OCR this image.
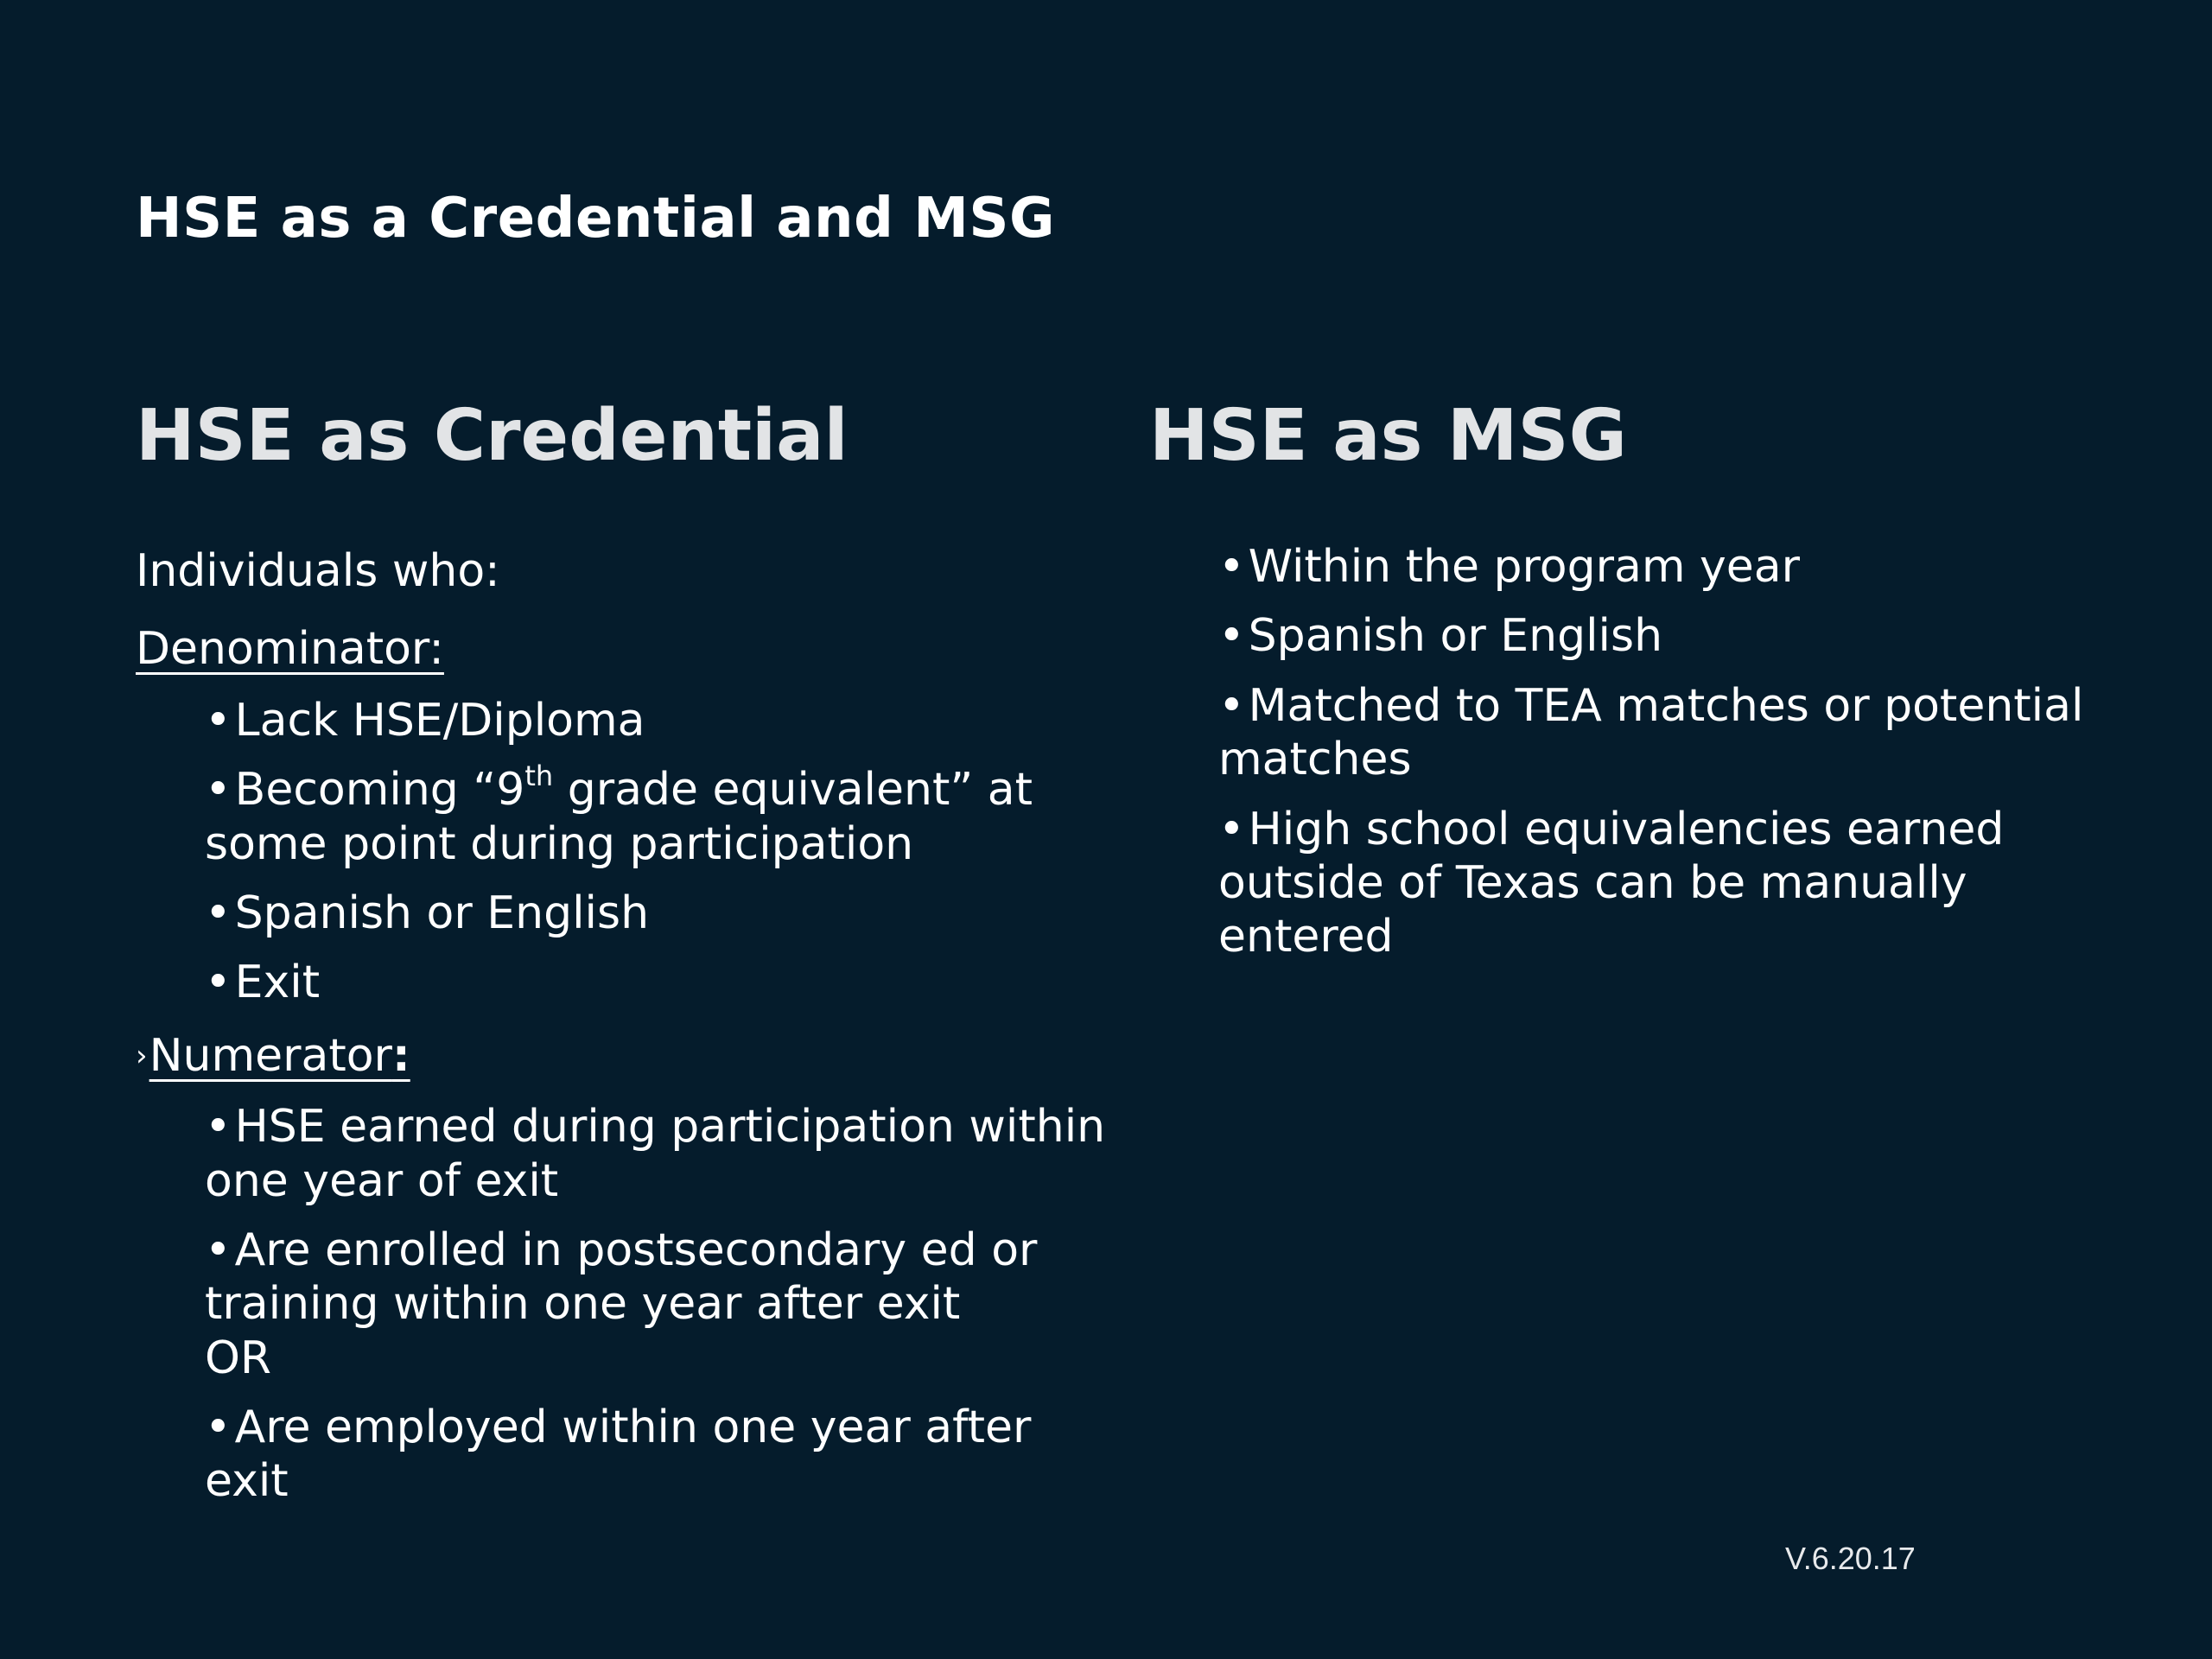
HSE as a Credential and MSG
HSE as Credential	HSE as MSG
Individuals who:
Denominator:
•Lack HSE/Diploma
•Becoming “9th grade equivalent” at some point during participation
•Spanish or English
•Exit
›Numerator:
•HSE earned during participation within one year of exit
•Are enrolled in postsecondary ed or training within one year after exit
OR
•Are employed within one year after exit
•Within the program year
•Spanish or English
•Matched to TEA matches or potential matches
•High school equivalencies earned outside of Texas can be manually entered
V.6.20.17
